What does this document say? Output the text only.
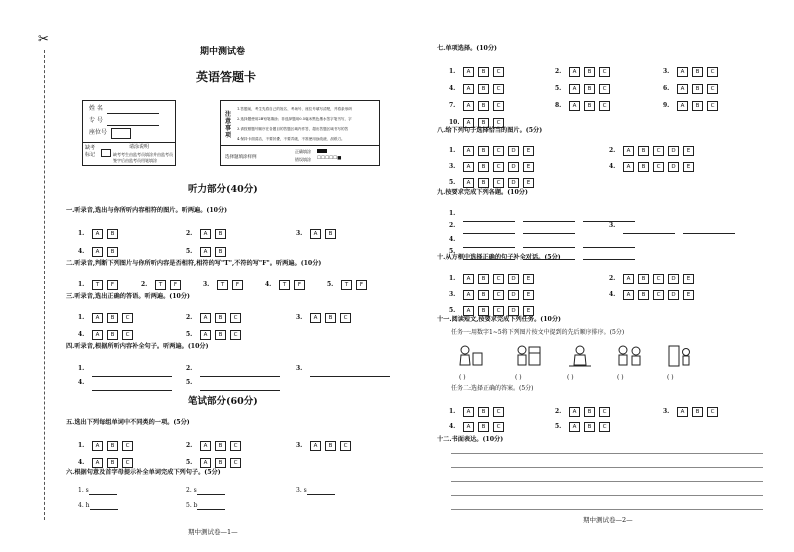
✂
期中测试卷
英语答题卡
姓 名
专 号
座位号
缺考
标记
请涂说明
缺考考生由监考员填涂并由监考员
签字后由监考员用笔填涂
注意事项
1.答题前，考生先将自己的姓名、考场号、座位号填写清楚，并将条形码
2.选择题使用2B铅笔填涂；非选择题用0.5毫米黑色墨水签字笔书写，字
3.请按照题号顺序在各题目的答题区域内作答，超出答题区域书写的答
4.保持卡面清洁，不要折叠，不要弄破，不准使用涂改液、刮纸刀。
正确填涂
选择题填涂样例	错误填涂 ☐☐☐☐☐■
听力部分(40分)
一.听录音,选出与你所听内容相符的图片。听两遍。(10分)
二.听录音,判断下列图片与你所听内容是否相符,相符的写"T",不符的写"F"。听两遍。(10分)
三.听录音,选出正确的答语。听两遍。(10分)
四.听录音,根据所听内容补全句子。听两遍。(10分)
笔试部分(60分)
五.选出下列每组单词中不同类的一项。(5分)
六.根据句意及首字母提示补全单词完成下列句子。(5分)
1. s	2. s	3. s
4. h	5. b
期中测试卷—1—
1. A B	2. A B	3. A B
4. A B	5. A B
1. T F	2. T F	3. T F	4. T F	5. T F
1. A B C	2. A B C	3. A B C
4. A B C	5. A B C
1.	2.	3.
4.	5.
1. A B C	2. A B C	3. A B C
4. A B C	5. A B C
七.单项选择。(10分)
八.给下列句子选择恰当的图片。(5分)
九.按要求完成下列各题。(10分)
十.从方框中选择正确的句子补全对话。(5分)
十一.阅读短文,按要求完成下列任务。(10分)
任务一:用数字1~5将下列图片按文中提到的先后顺序排序。(5分)
( )	( )	( )	( )	( )
任务二:选择正确的答案。(5分)
十二.书面表达。(10分)
期中测试卷—2—
1. A B C	2. A B C	3. A B C
4. A B C	5. A B C	6. A B C
7. A B C	8. A B C	9. A B C
10. A B C
1. A B C D E	2. A B C D E
3. A B C D E	4. A B C D E
5. A B C D E
1.
2.	3.
4.
5.
1. A B C D E	2. A B C D E
3. A B C D E	4. A B C D E
5. A B C D E
1. A B C	2. A B C	3. A B C
4. A B C	5. A B C
